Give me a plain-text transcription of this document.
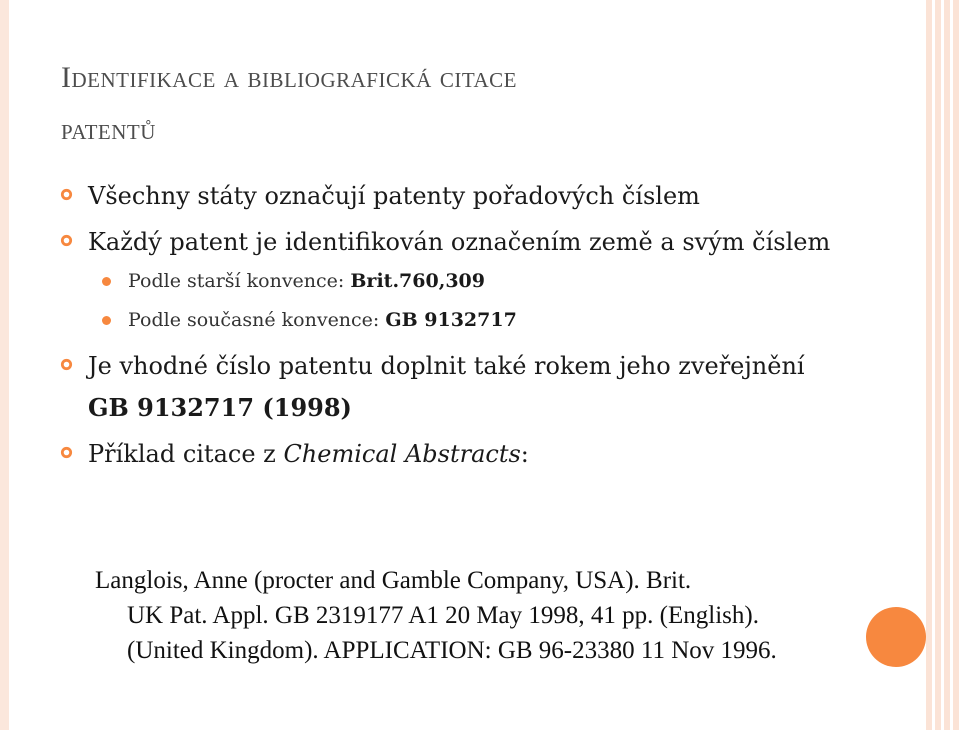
Identifikace a bibliografická citace
patentů
Všechny státy označují patenty pořadových číslem
Každý patent je identifikován označením země a svým číslem
Podle starší konvence: Brit.760,309
Podle současné konvence: GB 9132717
Je vhodné číslo patentu doplnit také rokem jeho zveřejnění GB 9132717 (1998)
Příklad citace z Chemical Abstracts:
Langlois, Anne (procter and Gamble Company, USA). Brit.
UK Pat. Appl. GB 2319177 A1 20 May 1998, 41 pp. (English). (United Kingdom). APPLICATION: GB 96-23380 11 Nov 1996.
